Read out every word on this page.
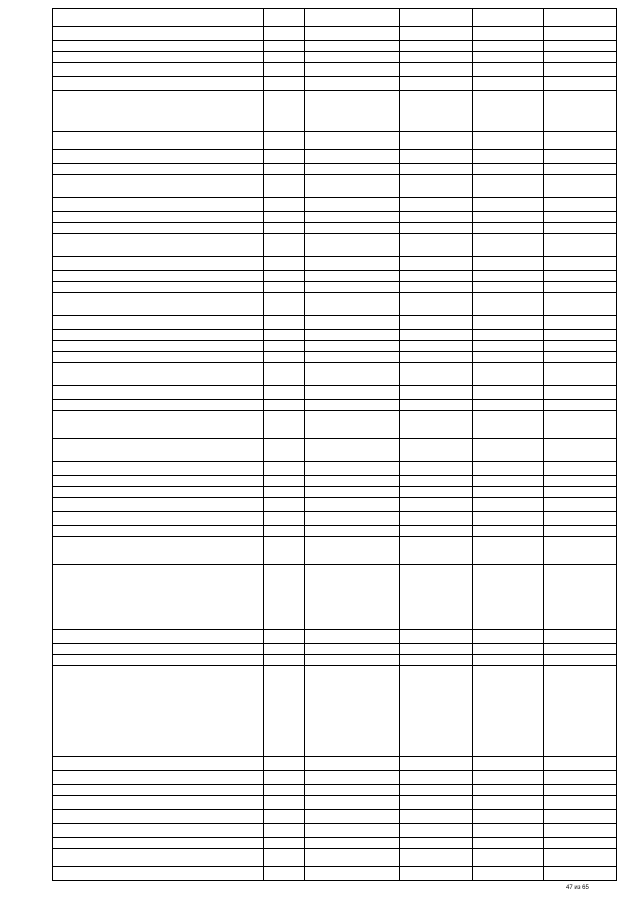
47 из 65
